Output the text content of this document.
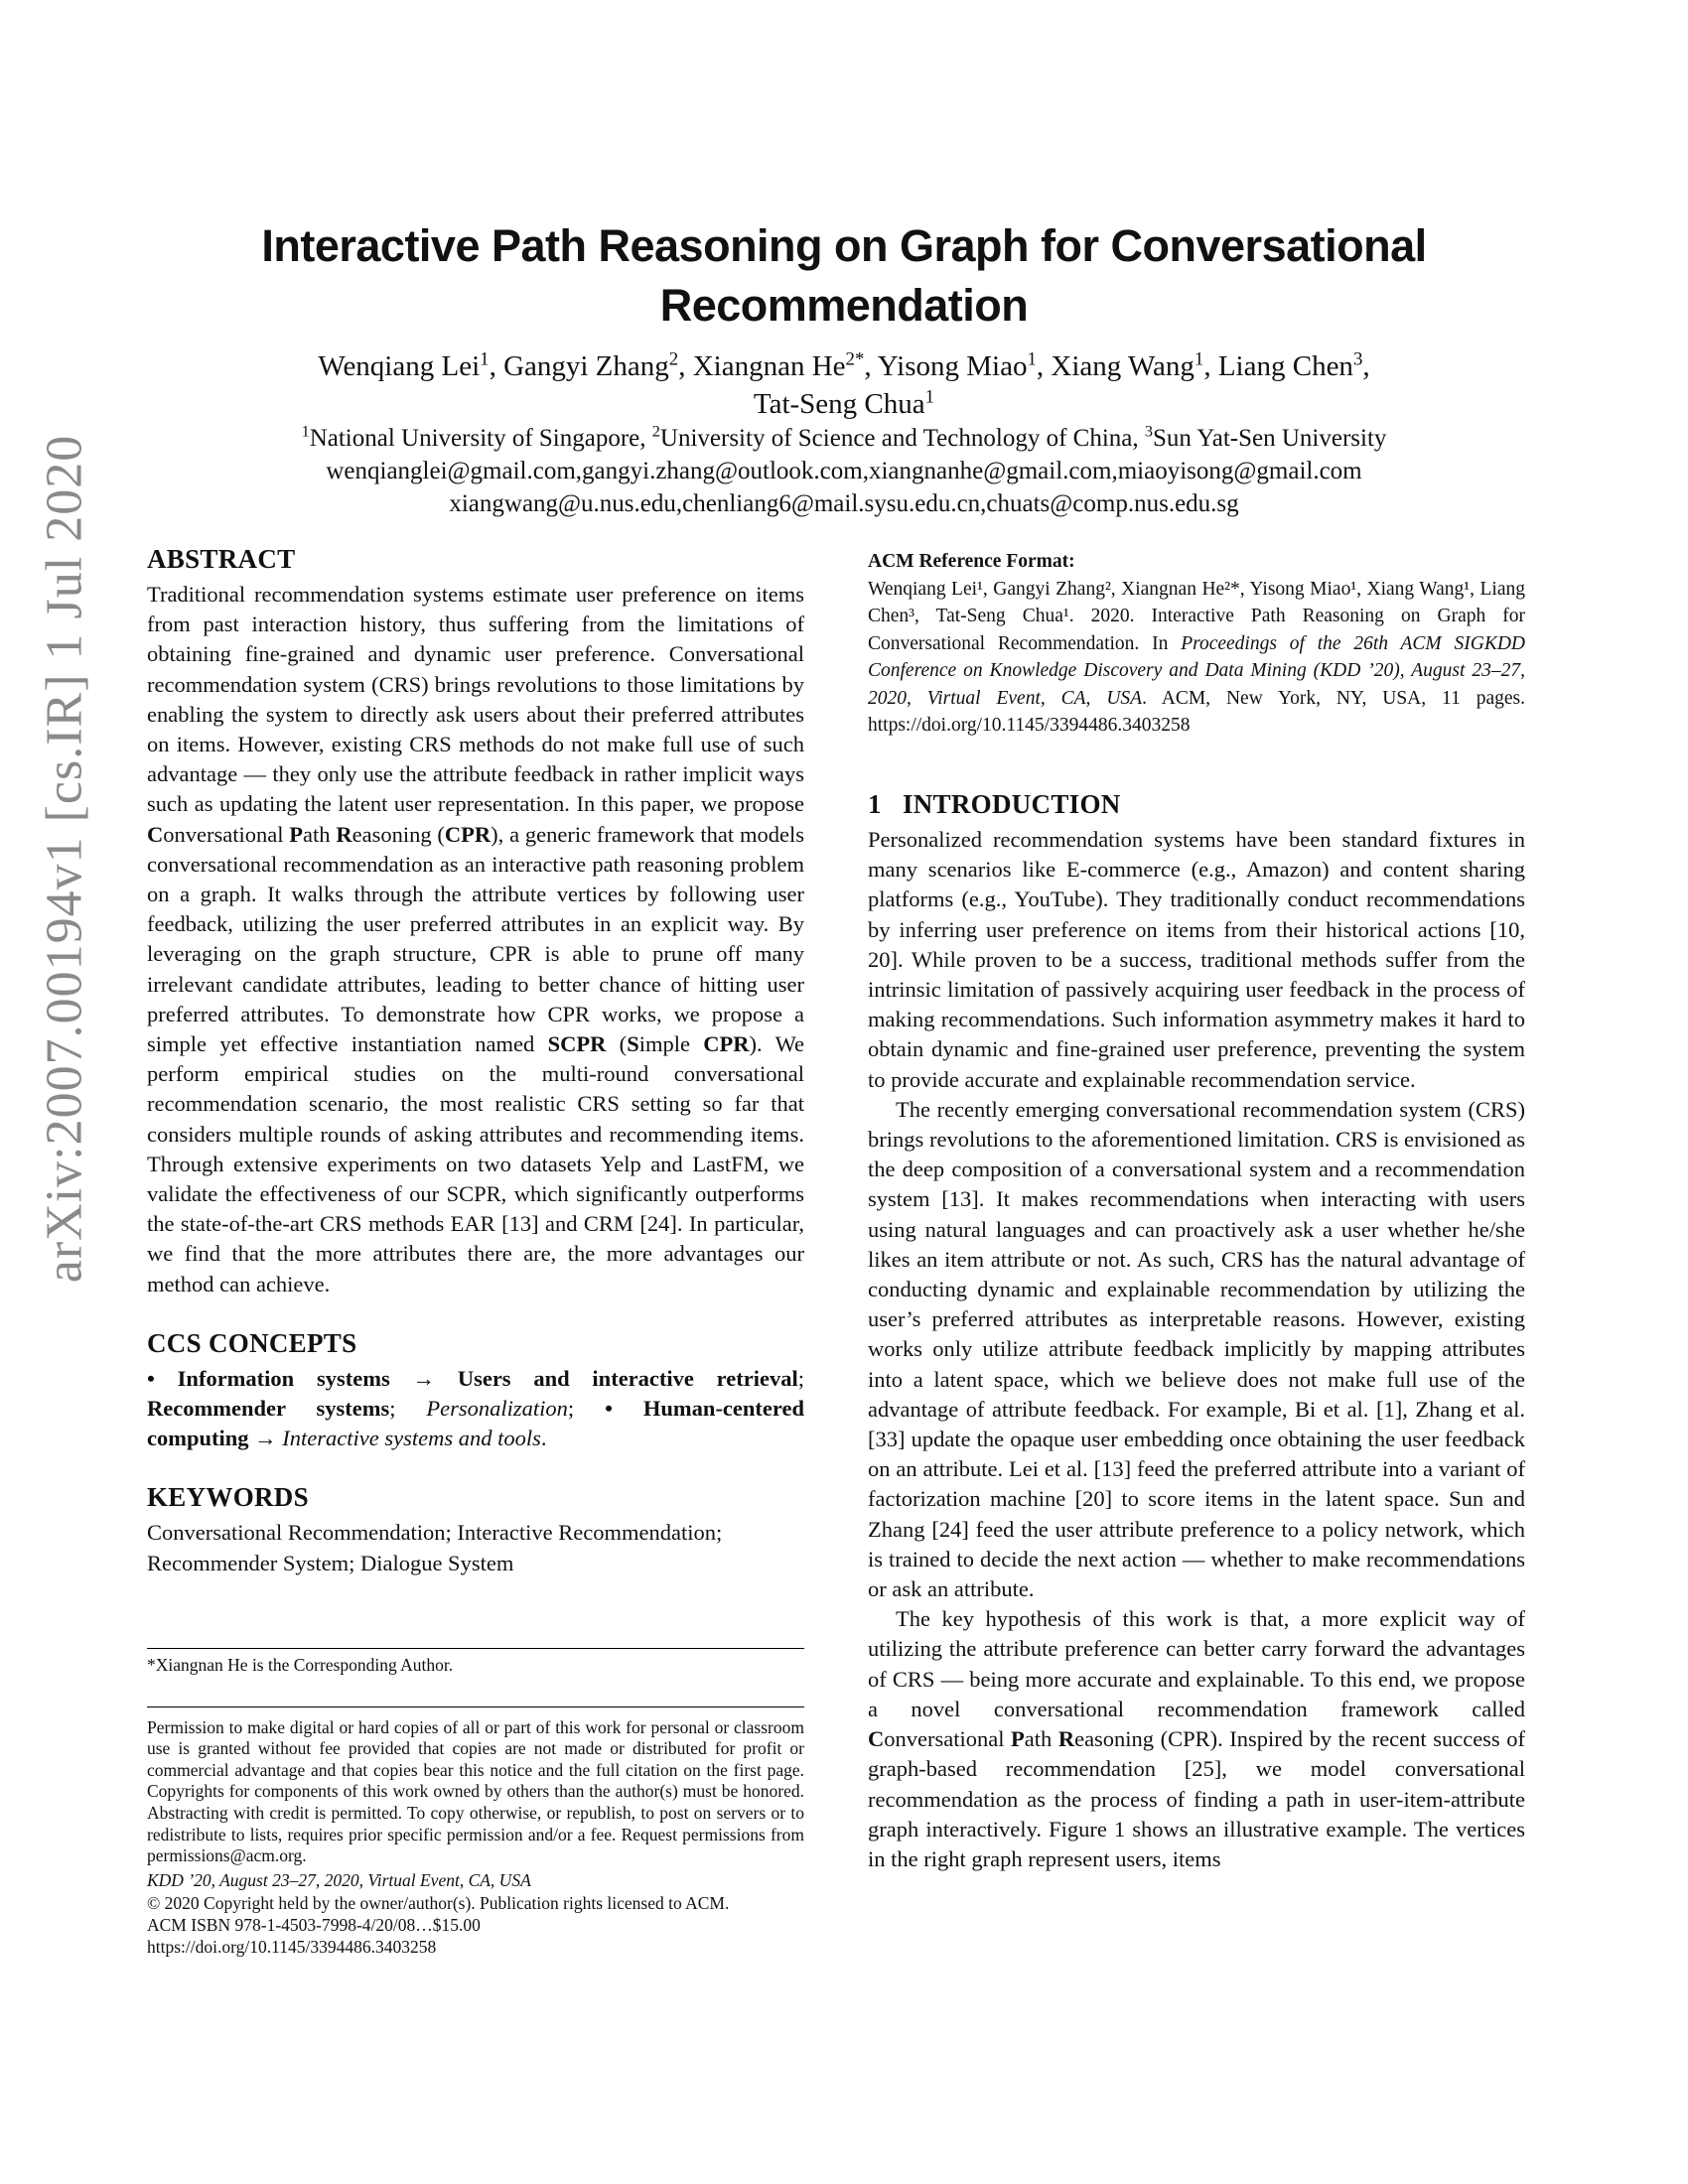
arXiv:2007.00194v1 [cs.IR] 1 Jul 2020
Interactive Path Reasoning on Graph for Conversational Recommendation
Wenqiang Lei$^1$, Gangyi Zhang$^2$, Xiangnan $He^{2*}$, Yisong Miao$^1$, Xiang Wang$^1$, Liang Chen$^3$,
Tat-Seng Chua$^1$
$^1$National University of Singapore, $^2$University of Science and Technology of China, $^3$Sun Yat-Sen University
wenqianglei@gmail.com,gangyi.zhang@outlook.com,xiangnanhe@gmail.com,miaoyisong@gmail.com
xiangwang@u.nus.edu,chenliang6@mail.sysu.edu.cn,chuats@comp.nus.edu.sg
ABSTRACT

Traditional recommendation systems estimate user preference on items from past interaction history, thus suffering from the limitations of obtaining fine-grained and dynamic user preference. Conversational recommendation system (CRS) brings revolutions to those limitations by enabling the system to directly ask users about their preferred attributes on items. However, existing CRS methods do not make full use of such advantage — they only use the attribute feedback in rather implicit ways such as updating the latent user representation. In this paper, we propose Conversational Path Reasoning (CPR), a generic framework that models conversational recommendation as an interactive path reasoning problem on a graph. It walks through the attribute vertices by following user feedback, utilizing the user preferred attributes in an explicit way. By leveraging on the graph structure, CPR is able to prune off many irrelevant candidate attributes, leading to better chance of hitting user preferred attributes. To demonstrate how CPR works, we propose a simple yet effective instantiation named SCPR (Simple CPR). We perform empirical studies on the multi-round conversational recommendation scenario, the most realistic CRS setting so far that considers multiple rounds of asking attributes and recommending items. Through extensive experiments on two datasets Yelp and LastFM, we validate the effectiveness of our SCPR, which significantly outperforms the state-of-the-art CRS methods EAR [13] and CRM [24]. In particular, we find that the more attributes there are, the more advantages our method can achieve.

CCS CONCEPTS

• Information systems → Users and interactive retrieval; Recommender systems; Personalization; • Human-centered computing → Interactive systems and tools.

KEYWORDS

Conversational Recommendation; Interactive Recommendation; Recommender System; Dialogue System

*Xiangnan He is the Corresponding Author.

Permission to make digital or hard copies of all or part of this work for personal or classroom use is granted without fee provided that copies are not made or distributed for profit or commercial advantage and that copies bear this notice and the full citation on the first page. Copyrights for components of this work owned by others than the author(s) must be honored. Abstracting with credit is permitted. To copy otherwise, or republish, to post on servers or to redistribute to lists, requires prior specific permission and/or a fee. Request permissions from permissions@acm.org.

KDD ’20, August 23–27, 2020, Virtual Event, CA, USA

© 2020 Copyright held by the owner/author(s). Publication rights licensed to ACM.

ACM ISBN 978-1-4503-7998-4/20/08…$15.00

https://doi.org/10.1145/3394486.3403258

ACM Reference Format:

Wenqiang Lei¹, Gangyi Zhang², Xiangnan He²*, Yisong Miao¹, Xiang Wang¹, Liang Chen³, Tat-Seng Chua¹. 2020. Interactive Path Reasoning on Graph for Conversational Recommendation. In Proceedings of the 26th ACM SIGKDD Conference on Knowledge Discovery and Data Mining (KDD ’20), August 23–27, 2020, Virtual Event, CA, USA. ACM, New York, NY, USA, 11 pages. https://doi.org/10.1145/3394486.3403258

1   INTRODUCTION

Personalized recommendation systems have been standard fixtures in many scenarios like E-commerce (e.g., Amazon) and content sharing platforms (e.g., YouTube). They traditionally conduct recommendations by inferring user preference on items from their historical actions [10, 20]. While proven to be a success, traditional methods suffer from the intrinsic limitation of passively acquiring user feedback in the process of making recommendations. Such information asymmetry makes it hard to obtain dynamic and fine-grained user preference, preventing the system to provide accurate and explainable recommendation service.

The recently emerging conversational recommendation system (CRS) brings revolutions to the aforementioned limitation. CRS is envisioned as the deep composition of a conversational system and a recommendation system [13]. It makes recommendations when interacting with users using natural languages and can proactively ask a user whether he/she likes an item attribute or not. As such, CRS has the natural advantage of conducting dynamic and explainable recommendation by utilizing the user’s preferred attributes as interpretable reasons. However, existing works only utilize attribute feedback implicitly by mapping attributes into a latent space, which we believe does not make full use of the advantage of attribute feedback. For example, Bi et al. [1], Zhang et al. [33] update the opaque user embedding once obtaining the user feedback on an attribute. Lei et al. [13] feed the preferred attribute into a variant of factorization machine [20] to score items in the latent space. Sun and Zhang [24] feed the user attribute preference to a policy network, which is trained to decide the next action — whether to make recommendations or ask an attribute.

The key hypothesis of this work is that, a more explicit way of utilizing the attribute preference can better carry forward the advantages of CRS — being more accurate and explainable. To this end, we propose a novel conversational recommendation framework called Conversational Path Reasoning (CPR). Inspired by the recent success of graph-based recommendation [25], we model conversational recommendation as the process of finding a path in user-item-attribute graph interactively. Figure 1 shows an illustrative example. The vertices in the right graph represent users, items
